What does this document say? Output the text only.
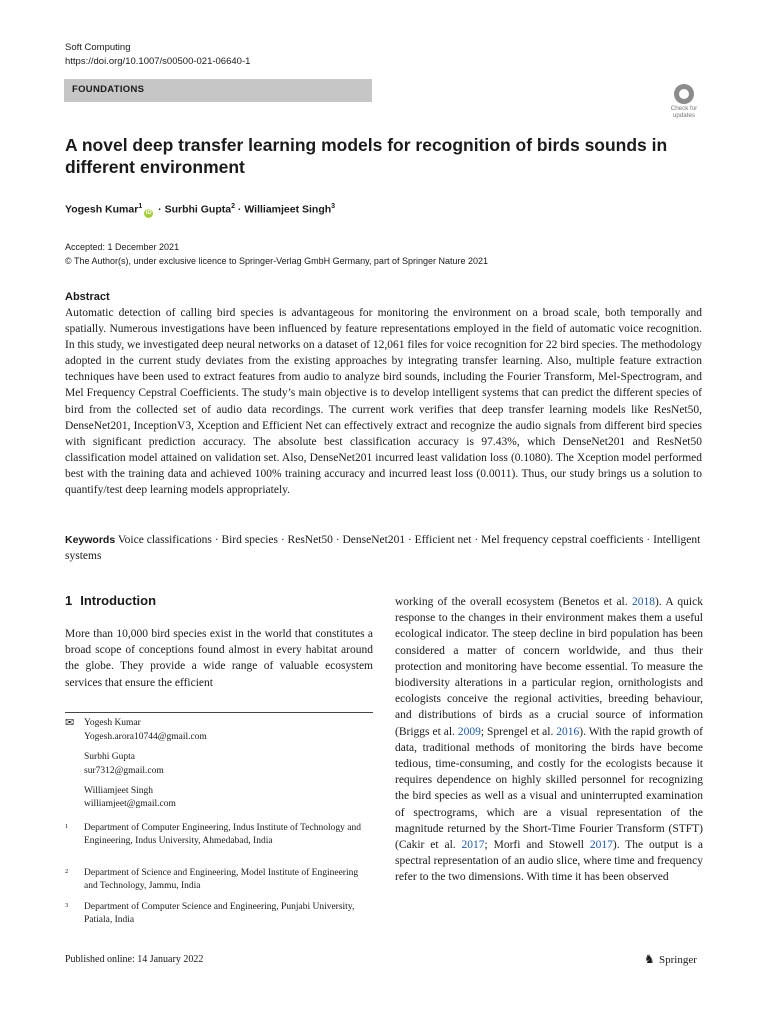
Soft Computing
https://doi.org/10.1007/s00500-021-06640-1
FOUNDATIONS
Check for updates
A novel deep transfer learning models for recognition of birds sounds in different environment
Yogesh Kumar$^1$iD · Surbhi Gupta$^2$ · Williamjeet Singh$^3$
Accepted: 1 December 2021
© The Author(s), under exclusive licence to Springer-Verlag GmbH Germany, part of Springer Nature 2021
Abstract
Automatic detection of calling bird species is advantageous for monitoring the environment on a broad scale, both temporally and spatially. Numerous investigations have been influenced by feature representations employed in the field of automatic voice recognition. In this study, we investigated deep neural networks on a dataset of 12,061 files for voice recognition for 22 bird species. The methodology adopted in the current study deviates from the existing approaches by integrating transfer learning. Also, multiple feature extraction techniques have been used to extract features from audio to analyze bird sounds, including the Fourier Transform, Mel-Spectrogram, and Mel Frequency Cepstral Coefficients. The study’s main objective is to develop intelligent systems that can predict the different species of bird from the collected set of audio data recordings. The current work verifies that deep transfer learning models like ResNet50, DenseNet201, InceptionV3, Xception and Efficient Net can effectively extract and recognize the audio signals from different bird species with significant prediction accuracy. The absolute best classification accuracy is 97.43%, which DenseNet201 and ResNet50 classification model attained on validation set. Also, DenseNet201 incurred least validation loss (0.1080). The Xception model performed best with the training data and achieved 100% training accuracy and incurred least loss (0.0011). Thus, our study brings us a solution to quantify/test deep learning models appropriately.
Keywords Voice classifications · Bird species · ResNet50 · DenseNet201 · Efficient net · Mel frequency cepstral coefficients · Intelligent systems
1 Introduction
More than 10,000 bird species exist in the world that constitutes a broad scope of conceptions found almost in every habitat around the globe. They provide a wide range of valuable ecosystem services that ensure the efficient
✉ Yogesh Kumar
Yogesh.arora10744@gmail.com
Surbhi Gupta
sur7312@gmail.com
Williamjeet Singh
williamjeet@gmail.com
1 Department of Computer Engineering, Indus Institute of Technology and Engineering, Indus University, Ahmedabad, India
2 Department of Science and Engineering, Model Institute of Engineering and Technology, Jammu, India
3 Department of Computer Science and Engineering, Punjabi University, Patiala, India
working of the overall ecosystem (Benetos et al. 2018). A quick response to the changes in their environment makes them a useful ecological indicator. The steep decline in bird population has been considered a matter of concern worldwide, and thus their protection and monitoring have become essential. To measure the biodiversity alterations in a particular region, ornithologists and ecologists conceive the regional activities, breeding behaviour, and distributions of birds as a crucial source of information (Briggs et al. 2009; Sprengel et al. 2016). With the rapid growth of data, traditional methods of monitoring the birds have become tedious, time-consuming, and costly for the ecologists because it requires dependence on highly skilled personnel for recognizing the bird species as well as a visual and uninterrupted examination of spectrograms, which are a visual representation of the magnitude returned by the Short-Time Fourier Transform (STFT) (Cakir et al. 2017; Morfi and Stowell 2017). The output is a spectral representation of an audio slice, where time and frequency refer to the two dimensions. With time it has been observed
Published online: 14 January 2022	♞ Springer
